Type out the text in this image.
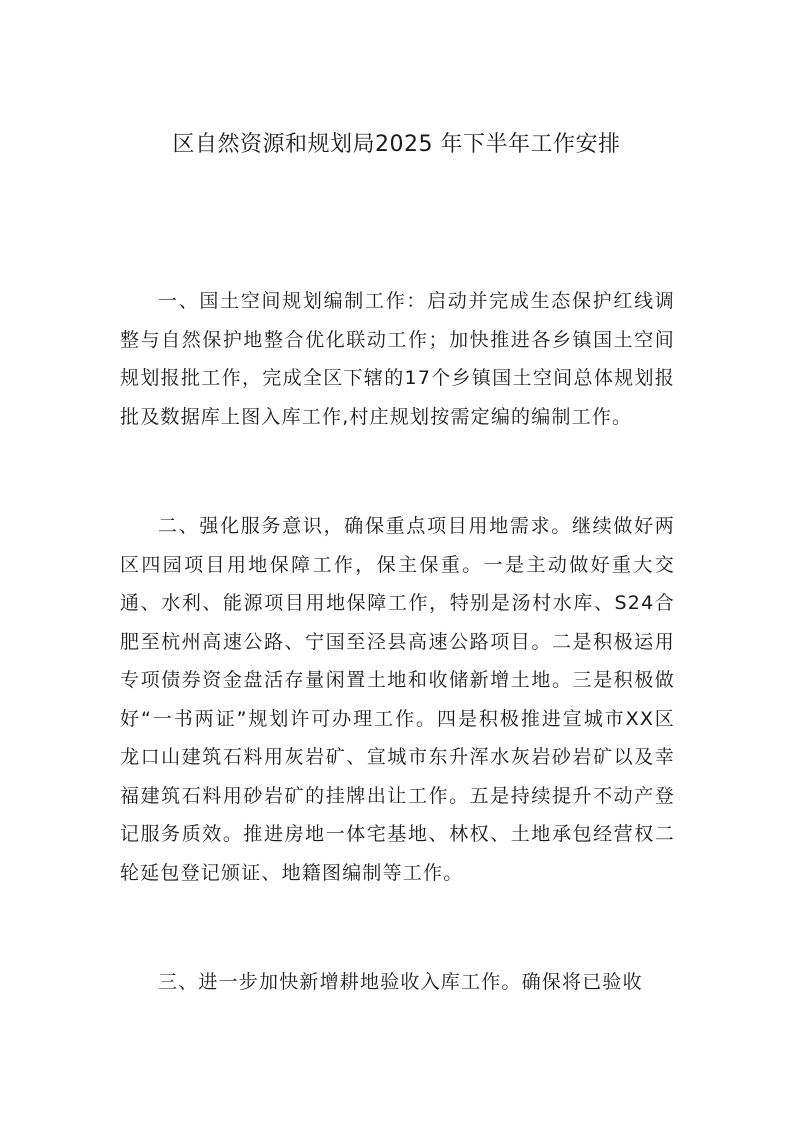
区自然资源和规划局2025 年下半年工作安排

一、国土空间规划编制工作：启动并完成生态保护红线调整与自然保护地整合优化联动工作；加快推进各乡镇国土空间规划报批工作，完成全区下辖的17个乡镇国土空间总体规划报批及数据库上图入库工作,村庄规划按需定编的编制工作。

二、强化服务意识，确保重点项目用地需求。继续做好两区四园项目用地保障工作，保主保重。一是主动做好重大交通、水利、能源项目用地保障工作，特别是汤村水库、S24合肥至杭州高速公路、宁国至泾县高速公路项目。二是积极运用专项债券资金盘活存量闲置土地和收储新增土地。三是积极做好“一书两证”规划许可办理工作。四是积极推进宣城市XX区龙口山建筑石料用灰岩矿、宣城市东升浑水灰岩砂岩矿以及幸福建筑石料用砂岩矿的挂牌出让工作。五是持续提升不动产登记服务质效。推进房地一体宅基地、林权、土地承包经营权二轮延包登记颁证、地籍图编制等工作。

三、进一步加快新增耕地验收入库工作。确保将已验收
